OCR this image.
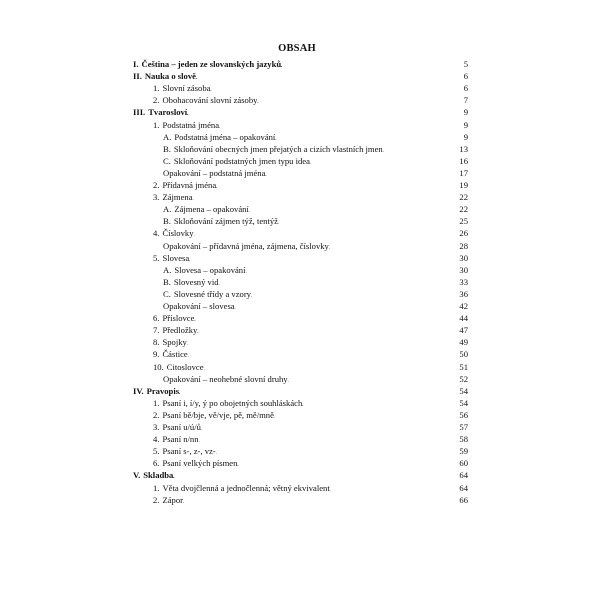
OBSAH
I. Čeština – jeden ze slovanských jazyků . . .	5
II. Nauka o slově . . .	6
1. Slovní zásoba . . .	6
2. Obohacování slovní zásoby . . .	7
III. Tvarosloví . . .	9
1. Podstatná jména . . .	9
A. Podstatná jména – opakování . . .	9
B. Skloňování obecných jmen přejatých a cizích vlastních jmen . . .	13
C. Skloňování podstatných jmen typu idea . . .	16
Opakování – podstatná jména . . .	17
2. Přídavná jména . . .	19
3. Zájmena . . .	22
A. Zájmena – opakování . . .	22
B. Skloňování zájmen týž, tentýž . . .	25
4. Číslovky . . .	26
Opakování – přídavná jména, zájmena, číslovky . . .	28
5. Slovesa . . .	30
A. Slovesa – opakování . . .	30
B. Slovesný vid . . .	33
C. Slovesné třídy a vzory . . .	36
Opakování – slovesa . . .	42
6. Příslovce . . .	44
7. Předložky . . .	47
8. Spojky . . .	49
9. Částice . . .	50
10. Citoslovce . . .	51
Opakování – neohebné slovní druhy . . .	52
IV. Pravopis . . .	54
1. Psaní i, í/y, ý po obojetných souhláskách . . .	54
2. Psaní bě/bje, vě/vje, pě, mě/mně . . .	56
3. Psaní u/ú/ů . . .	57
4. Psaní n/nn . . .	58
5. Psaní s-, z-, vz- . . .	59
6. Psaní velkých písmen . . .	60
V. Skladba . . .	64
1. Věta dvojčlenná a jednočlenná; větný ekvivalent . . .	64
2. Zápor . . .	66
